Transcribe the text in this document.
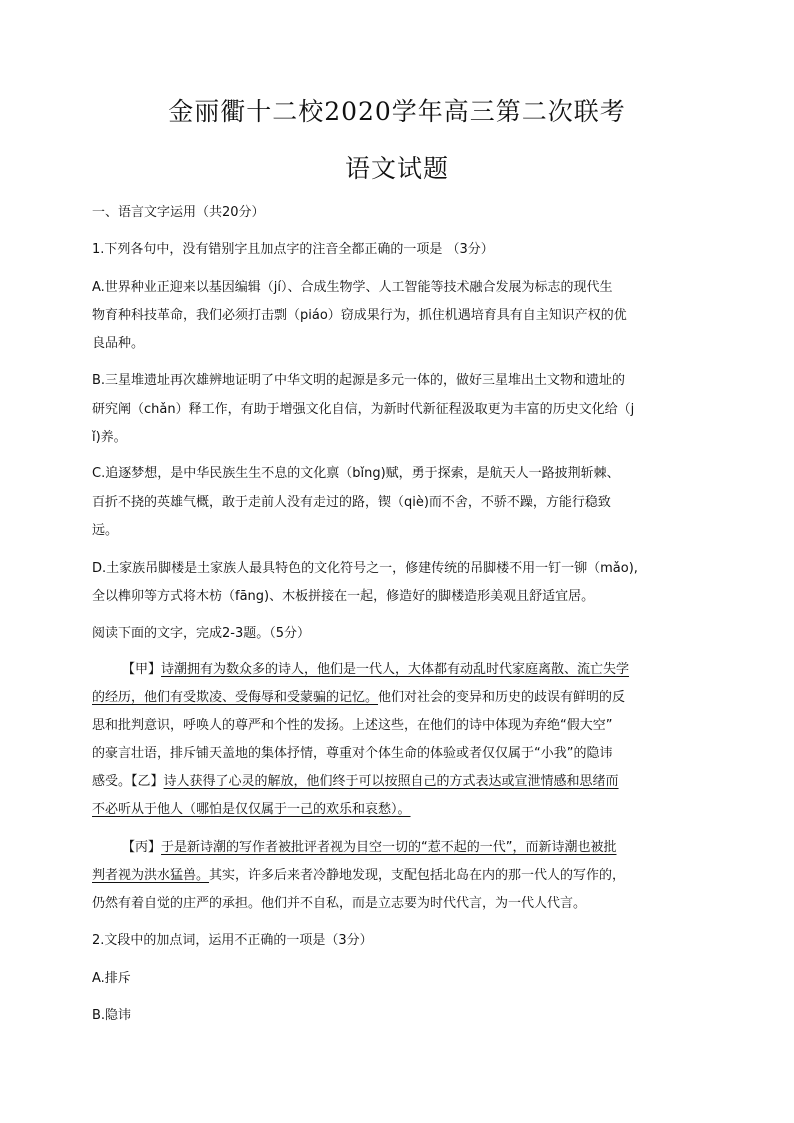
金丽衢十二校2020学年高三第二次联考
语文试题
一、语言文字运用（共20分）
1.下列各句中，没有错别字且加点字的注音全都正确的一项是 （3分）
A.世界种业正迎来以基因编辑（jí）、合成生物学、人工智能等技术融合发展为标志的现代生
物育种科技革命，我们必须打击剽（piáo）窃成果行为，抓住机遇培育具有自主知识产权的优
良品种。
B.三星堆遗址再次雄辨地证明了中华文明的起源是多元一体的，做好三星堆出土文物和遗址的
研究阐（chǎn）释工作，有助于增强文化自信，为新时代新征程汲取更为丰富的历史文化给（j
ǐ)养。
C.追逐梦想，是中华民族生生不息的文化禀（bǐng)赋，勇于探索，是航天人一路披荆斩棘、
百折不挠的英雄气概，敢于走前人没有走过的路，锲（qiè)而不舍，不骄不躁，方能行稳致
远。
D.土家族吊脚楼是土家族人最具特色的文化符号之一，修建传统的吊脚楼不用一钉一铆（mǎo),
全以榫卯等方式将木枋（fāng)、木板拼接在一起，修造好的脚楼造形美观且舒适宜居。
阅读下面的文字，完成2-3题。（5分）
【甲】诗潮拥有为数众多的诗人，他们是一代人，大体都有动乱时代家庭离散、流亡失学
的经历，他们有受欺凌、受侮辱和受蒙骗的记忆。他们对社会的变异和历史的歧误有鲜明的反
思和批判意识，呼唤人的尊严和个性的发扬。上述这些，在他们的诗中体现为弃绝“假大空”
的豪言壮语，排斥铺天盖地的集体抒情，尊重对个体生命的体验或者仅仅属于“小我”的隐讳
感受。【乙】诗人获得了心灵的解放，他们终于可以按照自己的方式表达或宣泄情感和思绪而
不必听从于他人（哪怕是仅仅属于一己的欢乐和哀愁）。
【丙】于是新诗潮的写作者被批评者视为目空一切的“惹不起的一代”，而新诗潮也被批
判者视为洪水猛兽。其实，许多后来者冷静地发现，支配包括北岛在内的那一代人的写作的，
仍然有着自觉的庄严的承担。他们并不自私，而是立志要为时代代言，为一代人代言。
2.文段中的加点词，运用不正确的一项是（3分）
A.排斥
B.隐讳
